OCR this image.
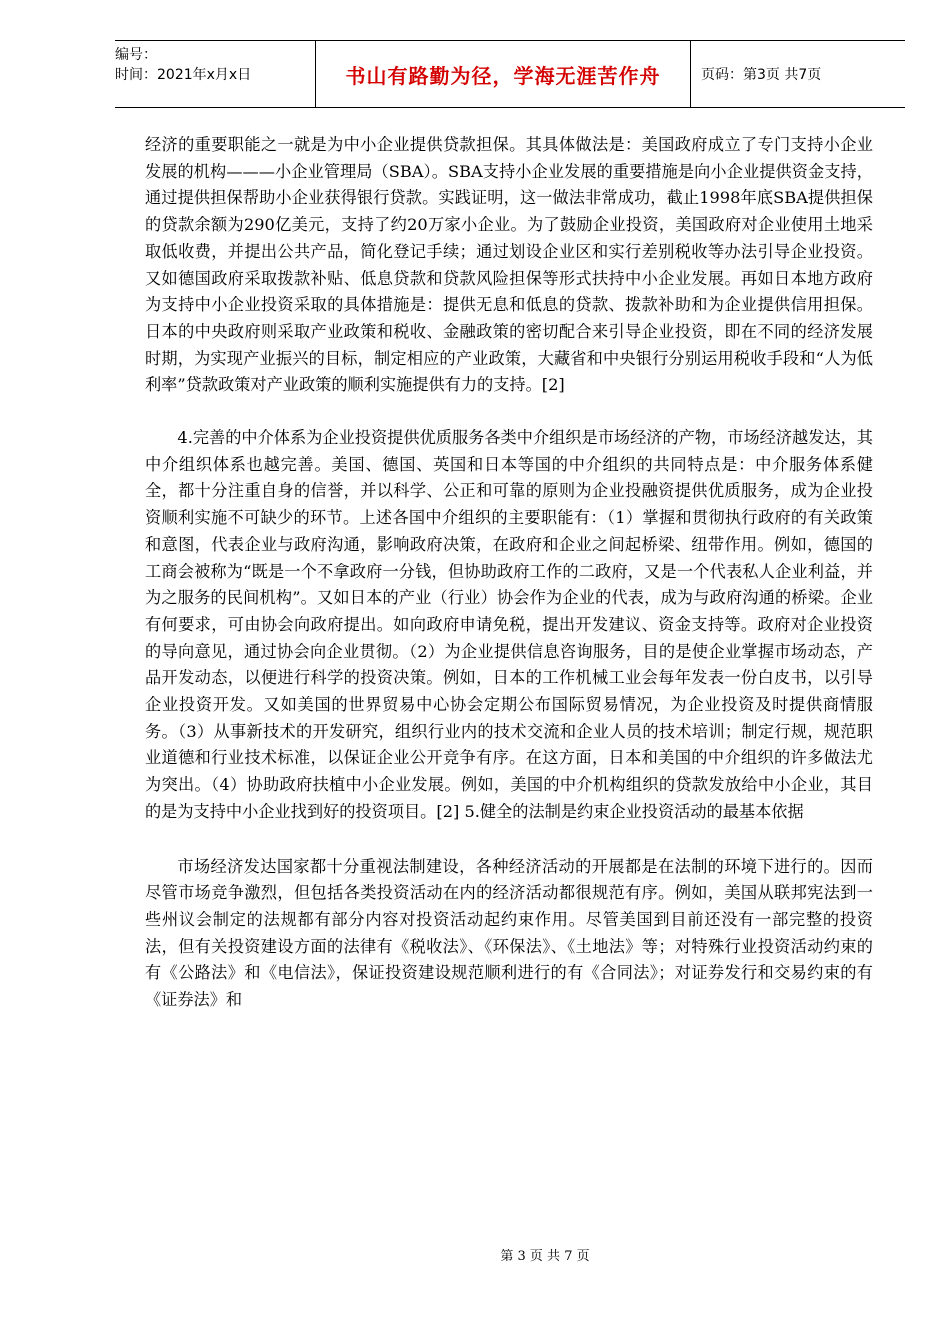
编号：
时间：2021年x月x日	书山有路勤为径，学海无涯苦作舟	页码：第3页 共7页

经济的重要职能之一就是为中小企业提供贷款担保。其具体做法是：美国政府成立了专门支持小企业发展的机构———小企业管理局（SBA）。SBA支持小企业发展的重要措施是向小企业提供资金支持，通过提供担保帮助小企业获得银行贷款。实践证明，这一做法非常成功，截止1998年底SBA提供担保的贷款余额为290亿美元，支持了约20万家小企业。为了鼓励企业投资，美国政府对企业使用土地采取低收费，并提出公共产品，简化登记手续；通过划设企业区和实行差别税收等办法引导企业投资。又如德国政府采取拨款补贴、低息贷款和贷款风险担保等形式扶持中小企业发展。再如日本地方政府为支持中小企业投资采取的具体措施是：提供无息和低息的贷款、拨款补助和为企业提供信用担保。日本的中央政府则采取产业政策和税收、金融政策的密切配合来引导企业投资，即在不同的经济发展时期，为实现产业振兴的目标，制定相应的产业政策，大藏省和中央银行分别运用税收手段和“人为低利率”贷款政策对产业政策的顺利实施提供有力的支持。[2]

4.完善的中介体系为企业投资提供优质服务各类中介组织是市场经济的产物，市场经济越发达，其中介组织体系也越完善。美国、德国、英国和日本等国的中介组织的共同特点是：中介服务体系健全，都十分注重自身的信誉，并以科学、公正和可靠的原则为企业投融资提供优质服务，成为企业投资顺利实施不可缺少的环节。上述各国中介组织的主要职能有：（1）掌握和贯彻执行政府的有关政策和意图，代表企业与政府沟通，影响政府决策，在政府和企业之间起桥梁、纽带作用。例如，德国的工商会被称为“既是一个不拿政府一分钱，但协助政府工作的二政府，又是一个代表私人企业利益，并为之服务的民间机构”。又如日本的产业（行业）协会作为企业的代表，成为与政府沟通的桥梁。企业有何要求，可由协会向政府提出。如向政府申请免税，提出开发建议、资金支持等。政府对企业投资的导向意见，通过协会向企业贯彻。（2）为企业提供信息咨询服务，目的是使企业掌握市场动态，产品开发动态，以便进行科学的投资决策。例如，日本的工作机械工业会每年发表一份白皮书，以引导企业投资开发。又如美国的世界贸易中心协会定期公布国际贸易情况，为企业投资及时提供商情服务。（3）从事新技术的开发研究，组织行业内的技术交流和企业人员的技术培训；制定行规，规范职业道德和行业技术标准，以保证企业公开竞争有序。在这方面，日本和美国的中介组织的许多做法尤为突出。（4）协助政府扶植中小企业发展。例如，美国的中介机构组织的贷款发放给中小企业，其目的是为支持中小企业找到好的投资项目。[2] 5.健全的法制是约束企业投资活动的最基本依据

市场经济发达国家都十分重视法制建设，各种经济活动的开展都是在法制的环境下进行的。因而尽管市场竞争激烈，但包括各类投资活动在内的经济活动都很规范有序。例如，美国从联邦宪法到一些州议会制定的法规都有部分内容对投资活动起约束作用。尽管美国到目前还没有一部完整的投资法，但有关投资建设方面的法律有《税收法》、《环保法》、《土地法》等；对特殊行业投资活动约束的有《公路法》和《电信法》，保证投资建设规范顺利进行的有《合同法》；对证券发行和交易约束的有《证券法》和

第 3 页 共 7 页
